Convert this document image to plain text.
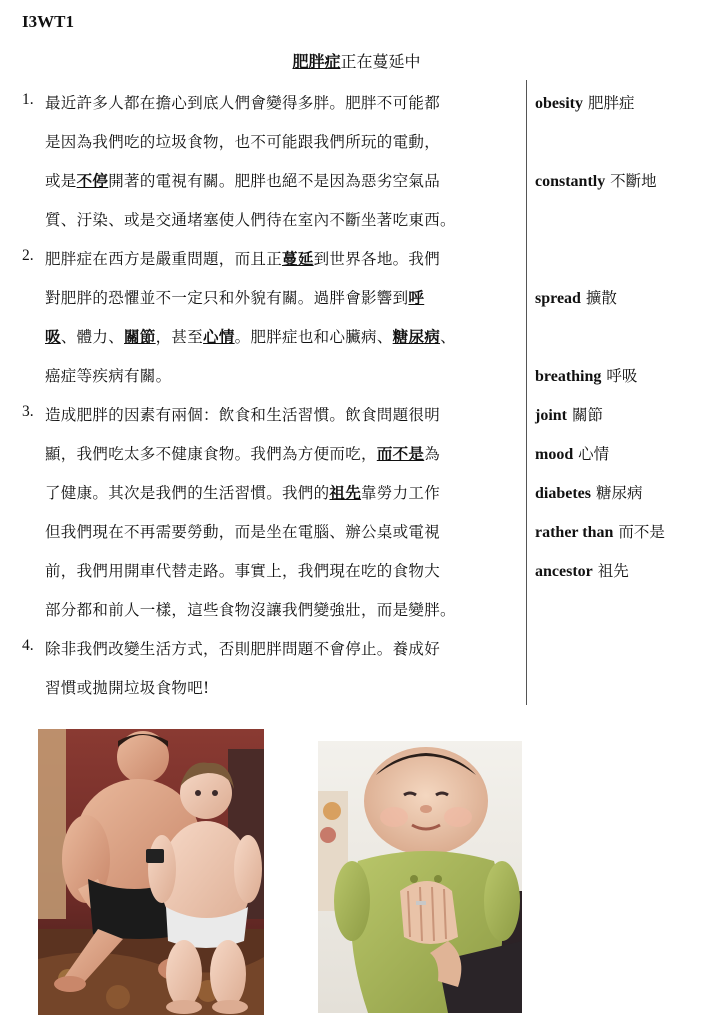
I3WT1
肥胖症正在蔓延中
1. 最近許多人都在擔心到底人們會變得多胖。肥胖不可能都
是因為我們吃的垃圾食物，也不可能跟我們所玩的電動，
或是不停開著的電視有關。肥胖也絕不是因為惡劣空氣品
質、汙染、或是交通堵塞使人們待在室內不斷坐著吃東西。
2. 肥胖症在西方是嚴重問題，而且正蔓延到世界各地。我們
對肥胖的恐懼並不一定只和外貌有關。過胖會影響到呼
吸、體力、關節，甚至心情。肥胖症也和心臟病、糖尿病、
癌症等疾病有關。
3. 造成肥胖的因素有兩個：飲食和生活習慣。飲食問題很明
顯，我們吃太多不健康食物。我們為方便而吃，而不是為
了健康。其次是我們的生活習慣。我們的祖先靠勞力工作
但我們現在不再需要勞動，而是坐在電腦、辦公桌或電視
前，我們用開車代替走路。事實上，我們現在吃的食物大
部分都和前人一樣，這些食物沒讓我們變強壯，而是變胖。
4. 除非我們改變生活方式，否則肥胖問題不會停止。養成好
習慣或拋開垃圾食物吧!
obesity 肥胖症
constantly 不斷地
spread 擴散
breathing 呼吸
joint 關節
mood 心情
diabetes 糖尿病
rather than 而不是
ancestor 祖先
